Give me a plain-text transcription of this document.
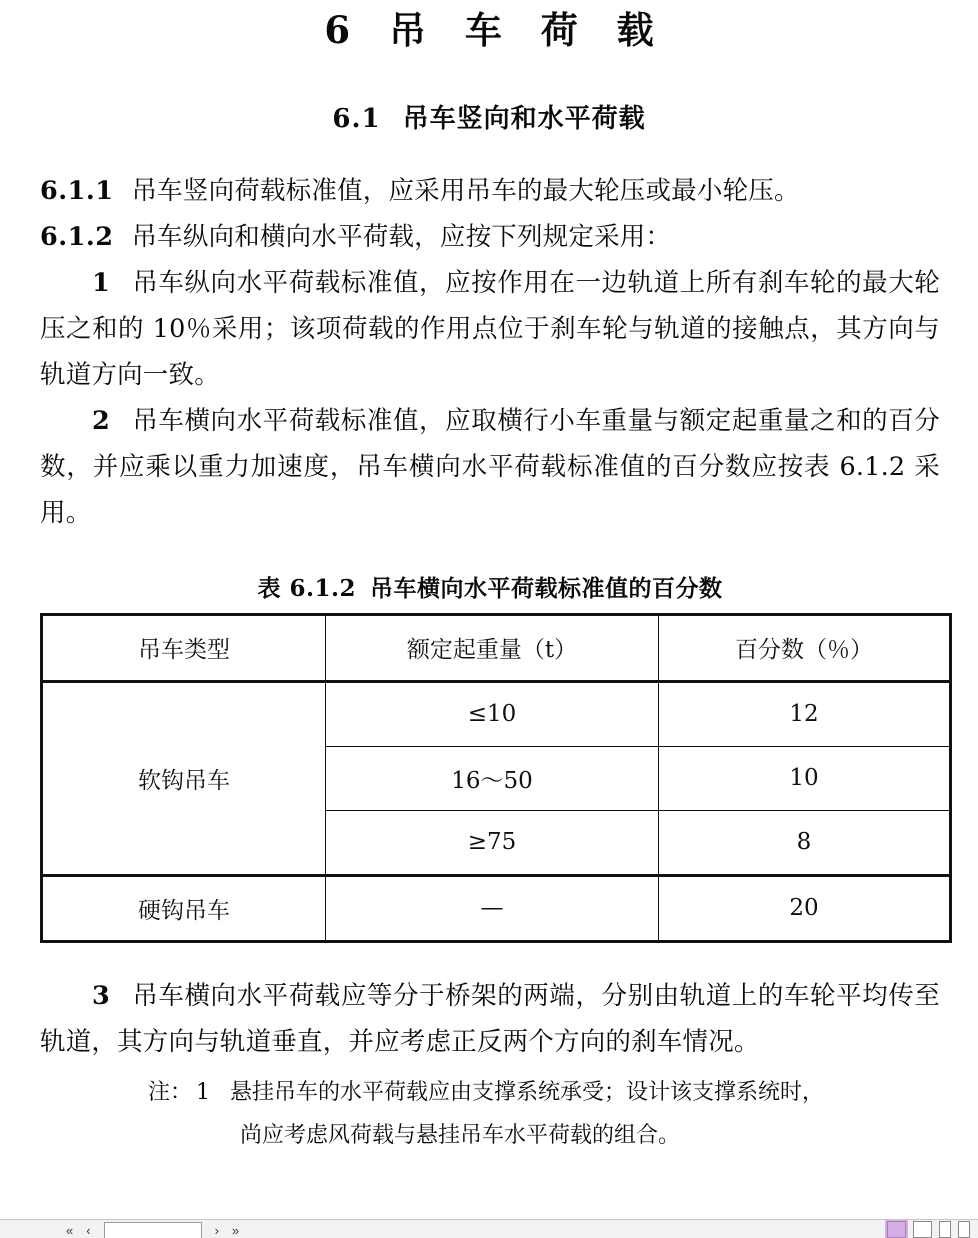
6 吊 车 荷 载
6.1 吊车竖向和水平荷载

6.1.1 吊车竖向荷载标准值，应采用吊车的最大轮压或最小轮压。

6.1.2 吊车纵向和横向水平荷载，应按下列规定采用：

1 吊车纵向水平荷载标准值，应按作用在一边轨道上所有刹车轮的最大轮压之和的 10％采用；该项荷载的作用点位于刹车轮与轨道的接触点，其方向与轨道方向一致。

2 吊车横向水平荷载标准值，应取横行小车重量与额定起重量之和的百分数，并应乘以重力加速度，吊车横向水平荷载标准值的百分数应按表 6.1.2 采用。

表 6.1.2 吊车横向水平荷载标准值的百分数
吊车类型	额定起重量（t）	百分数（％）
软钩吊车	≤10	12
	16～50	10
	≥75	8
硬钩吊车	—	20

3 吊车横向水平荷载应等分于桥架的两端，分别由轨道上的车轮平均传至轨道，其方向与轨道垂直，并应考虑正反两个方向的刹车情况。

注： 1 悬挂吊车的水平荷载应由支撑系统承受；设计该支撑系统时，
尚应考虑风荷载与悬挂吊车水平荷载的组合。
« ‹	› »
